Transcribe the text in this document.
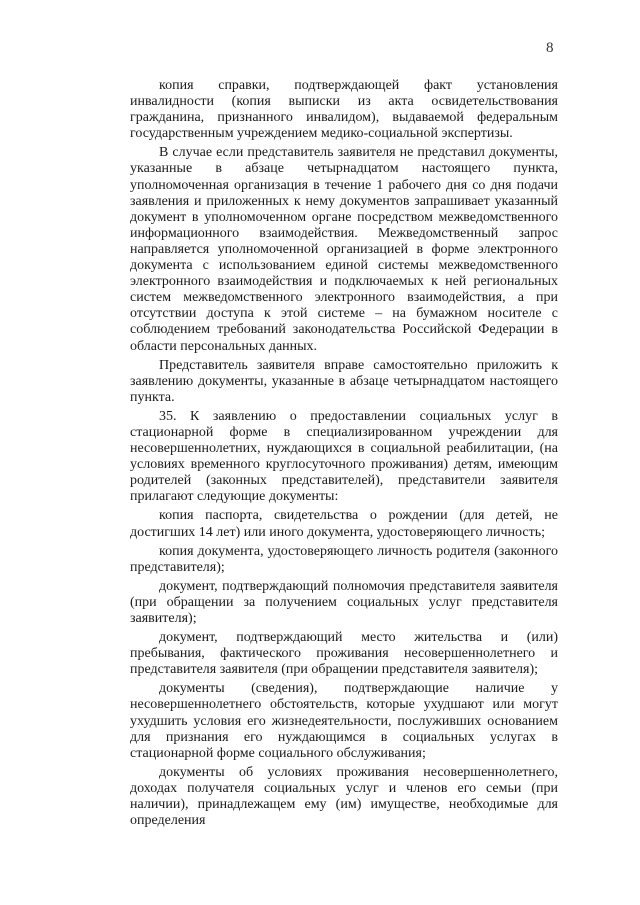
8

копия справки, подтверждающей факт установления инвалидности (копия выписки из акта освидетельствования гражданина, признанного инвалидом), выдаваемой федеральным государственным учреждением медико-социальной экспертизы.

В случае если представитель заявителя не представил документы, указанные в абзаце четырнадцатом настоящего пункта, уполномоченная организация в течение 1 рабочего дня со дня подачи заявления и приложенных к нему документов запрашивает указанный документ в уполномоченном органе посредством межведомственного информационного взаимодействия. Межведомственный запрос направляется уполномоченной организацией в форме электронного документа с использованием единой системы межведомственного электронного взаимодействия и подключаемых к ней региональных систем межведомственного электронного взаимодействия, а при отсутствии доступа к этой системе – на бумажном носителе с соблюдением требований законодательства Российской Федерации в области персональных данных.

Представитель заявителя вправе самостоятельно приложить к заявлению документы, указанные в абзаце четырнадцатом настоящего пункта.

35. К заявлению о предоставлении социальных услуг в стационарной форме в специализированном учреждении для несовершеннолетних, нуждающихся в социальной реабилитации, (на условиях временного круглосуточного проживания) детям, имеющим родителей (законных представителей), представители заявителя прилагают следующие документы:

копия паспорта, свидетельства о рождении (для детей, не достигших 14 лет) или иного документа, удостоверяющего личность;

копия документа, удостоверяющего личность родителя (законного представителя);

документ, подтверждающий полномочия представителя заявителя (при обращении за получением социальных услуг представителя заявителя);

документ, подтверждающий место жительства и (или) пребывания, фактического проживания несовершеннолетнего и представителя заявителя (при обращении представителя заявителя);

документы (сведения), подтверждающие наличие у несовершеннолетнего обстоятельств, которые ухудшают или могут ухудшить условия его жизнедеятельности, послуживших основанием для признания его нуждающимся в социальных услугах в стационарной форме социального обслуживания;

документы об условиях проживания несовершеннолетнего, доходах получателя социальных услуг и членов его семьи (при наличии), принадлежащем ему (им) имуществе, необходимые для определения
